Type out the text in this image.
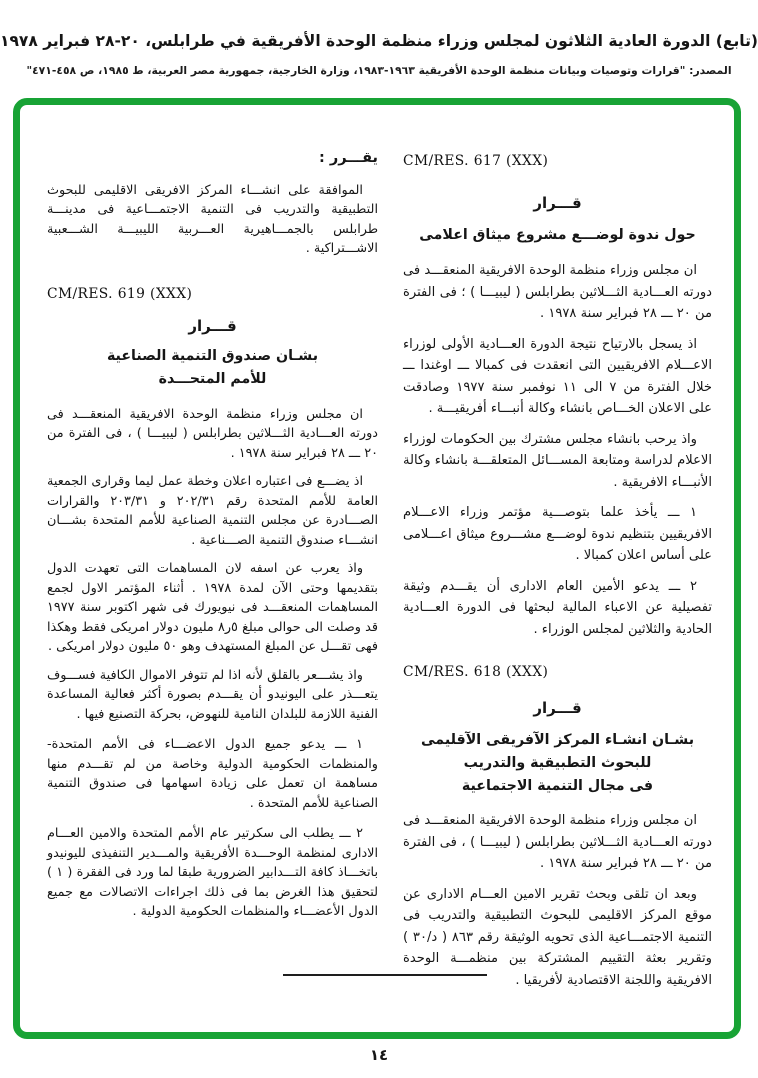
(تابع) الدورة العادية الثلاثون لمجلس وزراء منظمة الوحدة الأفريقية في طرابلس، ٢٠-٢٨ فبراير ١٩٧٨
المصدر: "قرارات وتوصيات وبيانات منظمة الوحدة الأفريقية ١٩٦٣-١٩٨٣، وزارة الخارجية، جمهورية مصر العربية، ط ١٩٨٥، ص ٤٥٨-٤٧١"
CM/RES. 617 (XXX)
قـــرار
حول ندوة لوضـــع مشروع ميثاق اعلامى

ان مجلس وزراء منظمة الوحدة الافريقية المنعقـــد فى دورته العـــادية الثـــلاثين بطرابلس ( ليبيـــا ) ؛ فى الفترة من ٢٠ ـــ ٢٨ فبراير سنة ١٩٧٨ .

اذ يسجل بالارتياح نتيجة الدورة العـــادية الأولى لوزراء الاعـــلام الافريقيين التى انعقدت فى كمبالا ـــ اوغندا ـــ خلال الفترة من ٧ الى ١١ نوفمبر سنة ١٩٧٧ وصادقت على الاعلان الخـــاص بانشاء وكالة أنبـــاء أفريقيـــة .

واذ يرحب بانشاء مجلس مشترك بين الحكومات لوزراء الاعلام لدراسة ومتابعة المســـائل المتعلقـــة بانشاء وكالة الأنبـــاء الافريقية .

١ ـــ يأخذ علما بتوصـــية مؤتمر وزراء الاعـــلام الافريقيين بتنظيم ندوة لوضـــع مشـــروع ميثاق اعـــلامى على أساس اعلان كمبالا .

٢ ـــ يدعو الأمين العام الادارى أن يقـــدم وثيقة تفصيلية عن الاعباء المالية لبحثها فى الدورة العـــادية الحادية والثلاثين لمجلس الوزراء .

CM/RES. 618 (XXX)
قـــرار
بشـان انشـاء المركز الآفريقى الآقليمى
للبحوث التطبيقية والتدريب
فى مجال التنمية الاجتماعية

ان مجلس وزراء منظمة الوحدة الافريقية المنعقـــد فى دورته العـــادية الثـــلاثين بطرابلس ( ليبيـــا ) ، فى الفترة من ٢٠ ـــ ٢٨ فبراير سنة ١٩٧٨ .

وبعد ان تلقى وبحث تقرير الامين العـــام الادارى عن موقع المركز الاقليمى للبحوث التطبيقية والتدريب فى التنمية الاجتمـــاعية الذى تحويه الوثيقة رقم ٨٦٣ ( د/٣٠ ) وتقرير بعثة التقييم المشتركة بين منظمـــة الوحدة الافريقية واللجنة الاقتصادية لأفريقيا .

يقـــرر :

الموافقة على انشـــاء المركز الافريقى الاقليمى للبحوث التطبيقية والتدريب فى التنمية الاجتمـــاعية فى مدينـــة طرابلس بالجمـــاهيرية العـــربية الليبيـــة الشـــعبية الاشـــتراكية .

CM/RES. 619 (XXX)
قـــرار
بشـان صندوق التنمية الصناعية
للأمم المتحـــدة

ان مجلس وزراء منظمة الوحدة الافريقية المنعقـــد فى دورته العـــادية الثـــلاثين بطرابلس ( ليبيـــا ) ، فى الفترة من ٢٠ ـــ ٢٨ فبراير سنة ١٩٧٨ .

اذ يضـــع فى اعتباره اعلان وخطة عمل ليما وقرارى الجمعية العامة للأمم المتحدة رقم ٢٠٢/٣١ و ٢٠٣/٣١ والقرارات الصـــادرة عن مجلس التنمية الصناعية للأمم المتحدة بشـــان انشـــاء صندوق التنمية الصـــناعية .

واذ يعرب عن اسفه لان المساهمات التى تعهدت الدول بتقديمها وحتى الآن لمدة ١٩٧٨ . أثناء المؤتمر الاول لجمع المساهمات المنعقـــد فى نيويورك فى شهر اكتوبر سنة ١٩٧٧ قد وصلت الى حوالى مبلغ ٥ر٨ مليون دولار امريكى فقط وهكذا فهى تقـــل عن المبلغ المستهدف وهو ٥٠ مليون دولار امريكى .

واذ يشـــعر بالقلق لأنه اذا لم تتوفر الاموال الكافية فســـوف يتعـــذر على اليونيدو أن يقـــدم بصورة أكثر فعالية المساعدة الفنية اللازمة للبلدان النامية للنهوض، بحركة التصنيع فيها .

١ ـــ يدعو جميع الدول الاعضـــاء فى الأمم المتحدة- والمنظمات الحكومية الدولية وخاصة من لم تقـــدم منها مساهمة ان تعمل على زيادة اسهامها فى صندوق التنمية الصناعية للأمم المتحدة .

٢ ـــ يطلب الى سكرتير عام الأمم المتحدة والامين العـــام الادارى لمنظمة الوحـــدة الأفريقية والمـــدير التنفيذى لليونيدو باتخـــاذ كافة التـــدابير الضرورية طبقا لما ورد فى الفقرة ( ١ ) لتحقيق هذا الغرض بما فى ذلك اجراءات الاتصالات مع جميع الدول الأعضـــاء والمنظمات الحكومية الدولية .

١٤
